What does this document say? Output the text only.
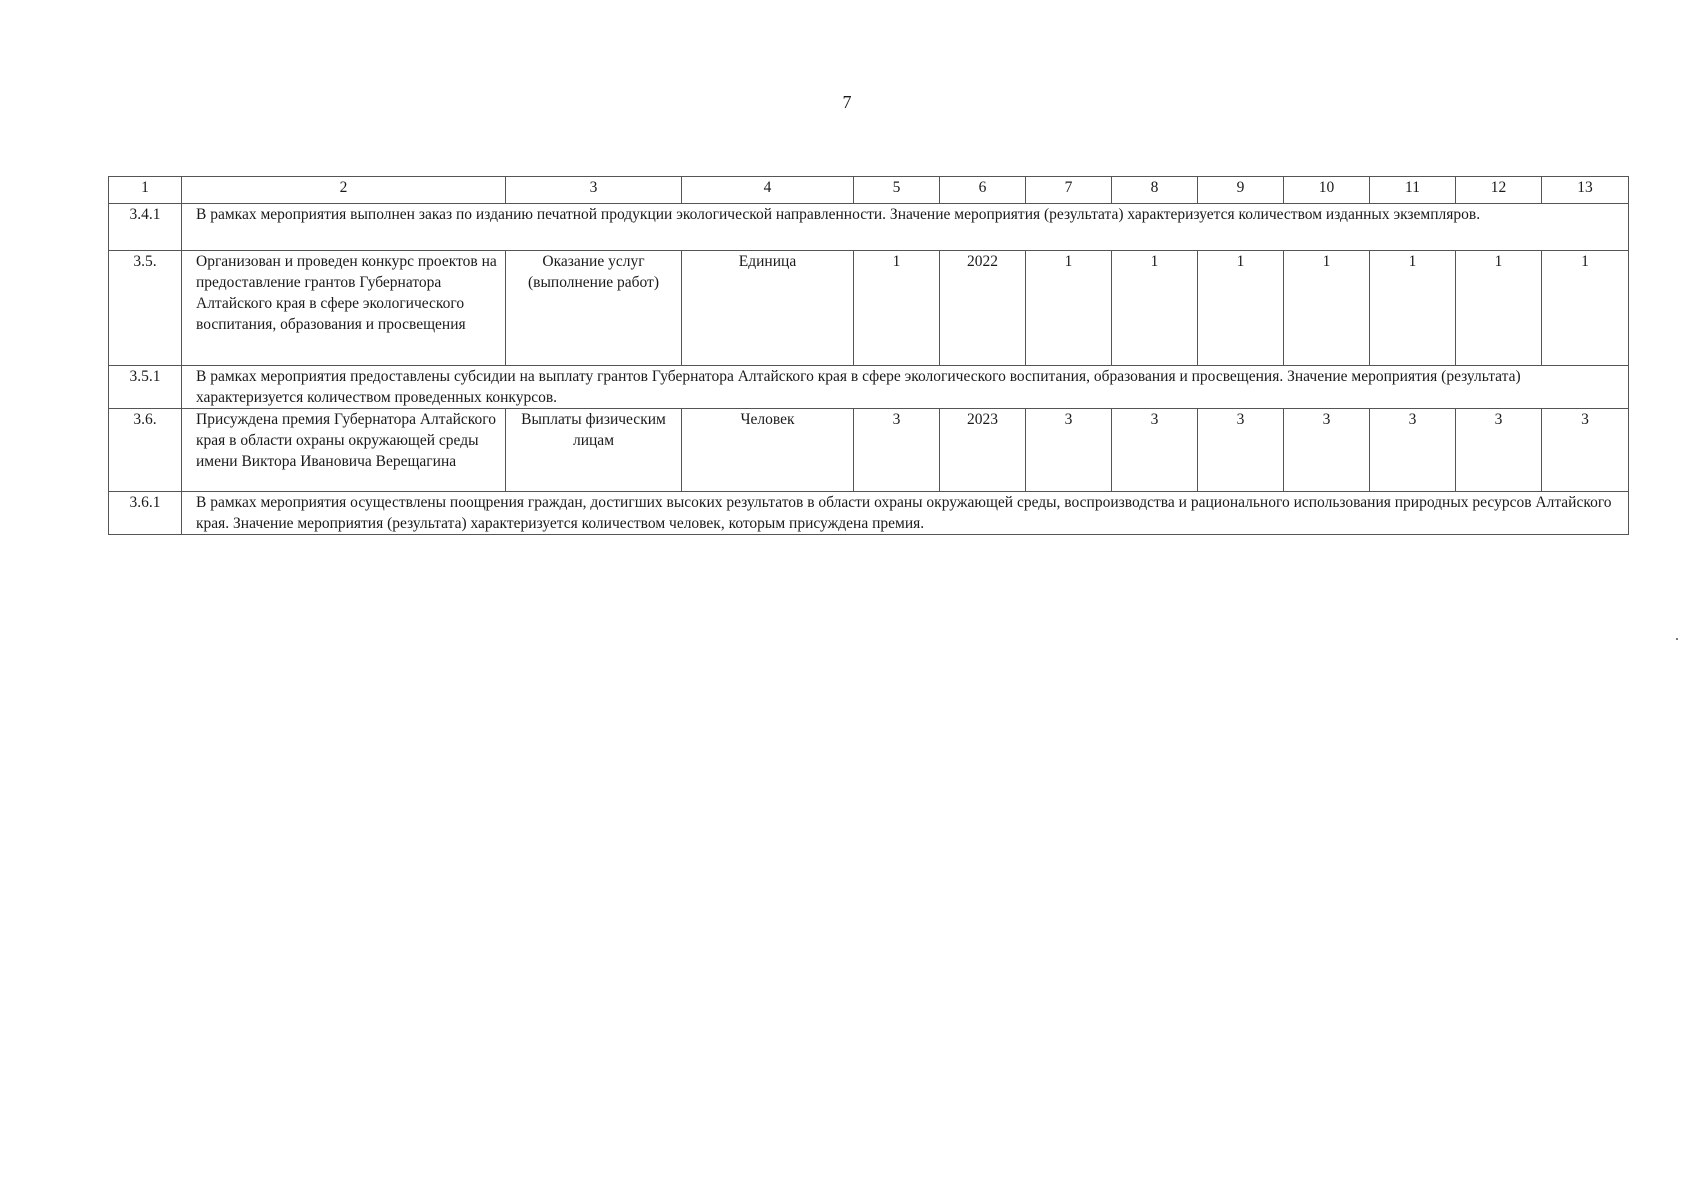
7
1	2	3	4	5	6	7	8	9	10	11	12	13
3.4.1	В рамках мероприятия выполнен заказ по изданию печатной продукции экологической направленности. Значение мероприятия (результата) характеризуется количеством изданных экземпляров.											
3.5.	Организован и проведен конкурс проектов на предоставление грантов Губернатора Алтайского края в сфере экологического воспитания, образования и просвещения	Оказание услуг (выполнение работ)	Единица	1	2022	1	1	1	1	1	1	1
3.5.1	В рамках мероприятия предоставлены субсидии на выплату грантов Губернатора Алтайского края в сфере экологического воспитания, образования и просвещения. Значение мероприятия (результата) характеризуется количеством проведенных конкурсов.											
3.6.	Присуждена премия Губернатора Алтайского края в области охраны окружающей среды имени Виктора Ивановича Верещагина	Выплаты физическим лицам	Человек	3	2023	3	3	3	3	3	3	3
3.6.1	В рамках мероприятия осуществлены поощрения граждан, достигших высоких результатов в области охраны окружающей среды, воспроизводства и рационального использования природных ресурсов Алтайского края. Значение мероприятия (результата) характеризуется количеством человек, которым присуждена премия.											
